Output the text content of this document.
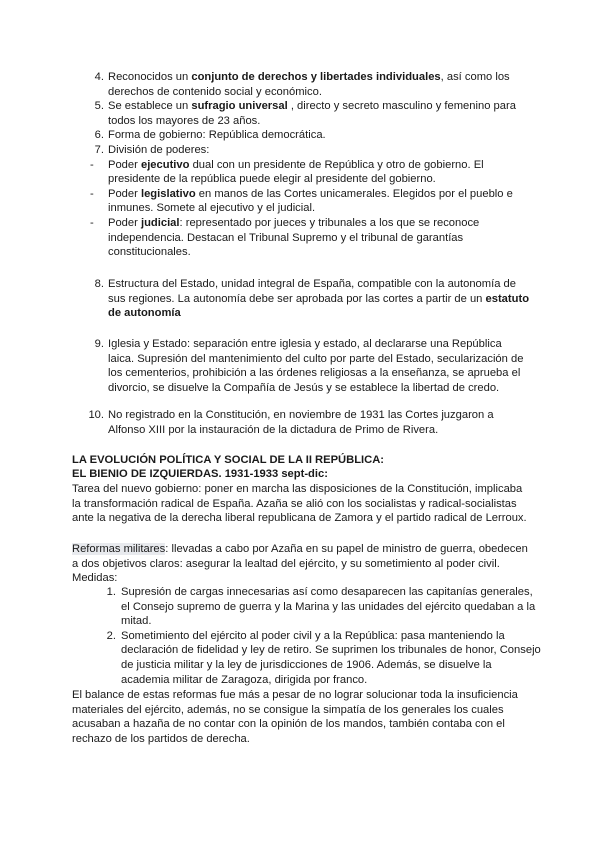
4. Reconocidos un conjunto de derechos y libertades individuales, así como los
derechos de contenido social y económico.
5. Se establece un sufragio universal , directo y secreto masculino y femenino para
todos los mayores de 23 años.
6. Forma de gobierno: República democrática.
7. División de poderes:
- Poder ejecutivo dual con un presidente de República y otro de gobierno. El
presidente de la república puede elegir al presidente del gobierno.
- Poder legislativo en manos de las Cortes unicamerales. Elegidos por el pueblo e
inmunes. Somete al ejecutivo y el judicial.
- Poder judicial: representado por jueces y tribunales a los que se reconoce
independencia. Destacan el Tribunal Supremo y el tribunal de garantías
constitucionales.
8. Estructura del Estado, unidad integral de España, compatible con la autonomía de
sus regiones. La autonomía debe ser aprobada por las cortes a partir de un estatuto
de autonomía
9. Iglesia y Estado: separación entre iglesia y estado, al declararse una República
laica. Supresión del mantenimiento del culto por parte del Estado, secularización de
los cementerios, prohibición a las órdenes religiosas a la enseñanza, se aprueba el
divorcio, se disuelve la Compañía de Jesús y se establece la libertad de credo.
10. No registrado en la Constitución, en noviembre de 1931 las Cortes juzgaron a
Alfonso XIII por la instauración de la dictadura de Primo de Rivera.
LA EVOLUCIÓN POLÍTICA Y SOCIAL DE LA II REPÚBLICA:
EL BIENIO DE IZQUIERDAS. 1931-1933 sept-dic:
Tarea del nuevo gobierno: poner en marcha las disposiciones de la Constitución, implicaba
la transformación radical de España. Azaña se alió con los socialistas y radical-socialistas
ante la negativa de la derecha liberal republicana de Zamora y el partido radical de Lerroux.
Reformas militares: llevadas a cabo por Azaña en su papel de ministro de guerra, obedecen
a dos objetivos claros: asegurar la lealtad del ejército, y su sometimiento al poder civil.
Medidas:
1. Supresión de cargas innecesarias así como desaparecen las capitanías generales,
el Consejo supremo de guerra y la Marina y las unidades del ejército quedaban a la
mitad.
2. Sometimiento del ejército al poder civil y a la República: pasa manteniendo la
declaración de fidelidad y ley de retiro. Se suprimen los tribunales de honor, Consejo
de justicia militar y la ley de jurisdicciones de 1906. Además, se disuelve la
academia militar de Zaragoza, dirigida por franco.
El balance de estas reformas fue más a pesar de no lograr solucionar toda la insuficiencia
materiales del ejército, además, no se consigue la simpatía de los generales los cuales
acusaban a hazaña de no contar con la opinión de los mandos, también contaba con el
rechazo de los partidos de derecha.
